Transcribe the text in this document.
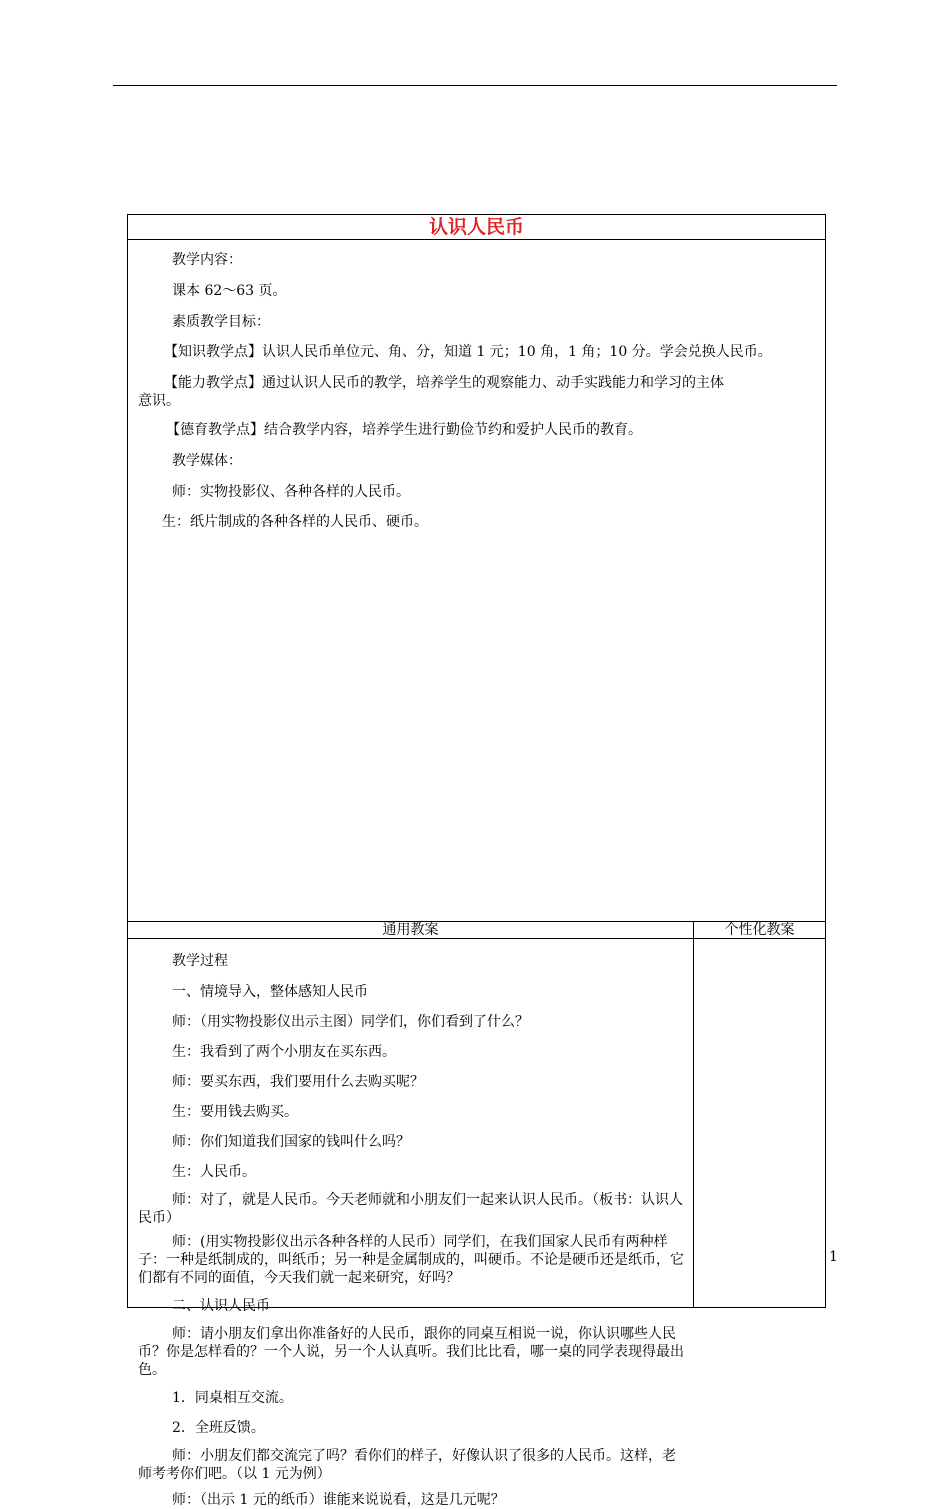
认识人民币
教学内容：
课本 62～63 页。
素质教学目标：
【知识教学点】认识人民币单位元、角、分，知道 1 元；10 角，1 角；10 分。学会兑换人民币。
【能力教学点】通过认识人民币的教学，培养学生的观察能力、动手实践能力和学习的主体
意识。
【德育教学点】结合教学内容，培养学生进行勤俭节约和爱护人民币的教育。
教学媒体：
师：实物投影仪、各种各样的人民币。
生：纸片制成的各种各样的人民币、硬币。
通用教案	个性化教案
教学过程
一、情境导入，整体感知人民币
师：（用实物投影仪出示主图）同学们，你们看到了什么？
生：我看到了两个小朋友在买东西。
师：要买东西，我们要用什么去购买呢？
生：要用钱去购买。
师：你们知道我们国家的钱叫什么吗？
生：人民币。
师：对了，就是人民币。今天老师就和小朋友们一起来认识人民币。（板书：认识人民币）
师：(用实物投影仪出示各种各样的人民币）同学们，在我们国家人民币有两种样子：一种是纸制成的，叫纸币；另一种是金属制成的，叫硬币。不论是硬币还是纸币，它们都有不同的面值，今天我们就一起来研究，好吗？
二、认识人民币
师：请小朋友们拿出你准备好的人民币，跟你的同桌互相说一说，你认识哪些人民币？你是怎样看的？一个人说，另一个人认真听。我们比比看，哪一桌的同学表现得最出色。
1．同桌相互交流。
2．全班反馈。
师：小朋友们都交流完了吗？看你们的样子，好像认识了很多的人民币。这样，老师考考你们吧。（以 1 元为例）
师：（出示 1 元的纸币）谁能来说说看，这是几元呢？
1
